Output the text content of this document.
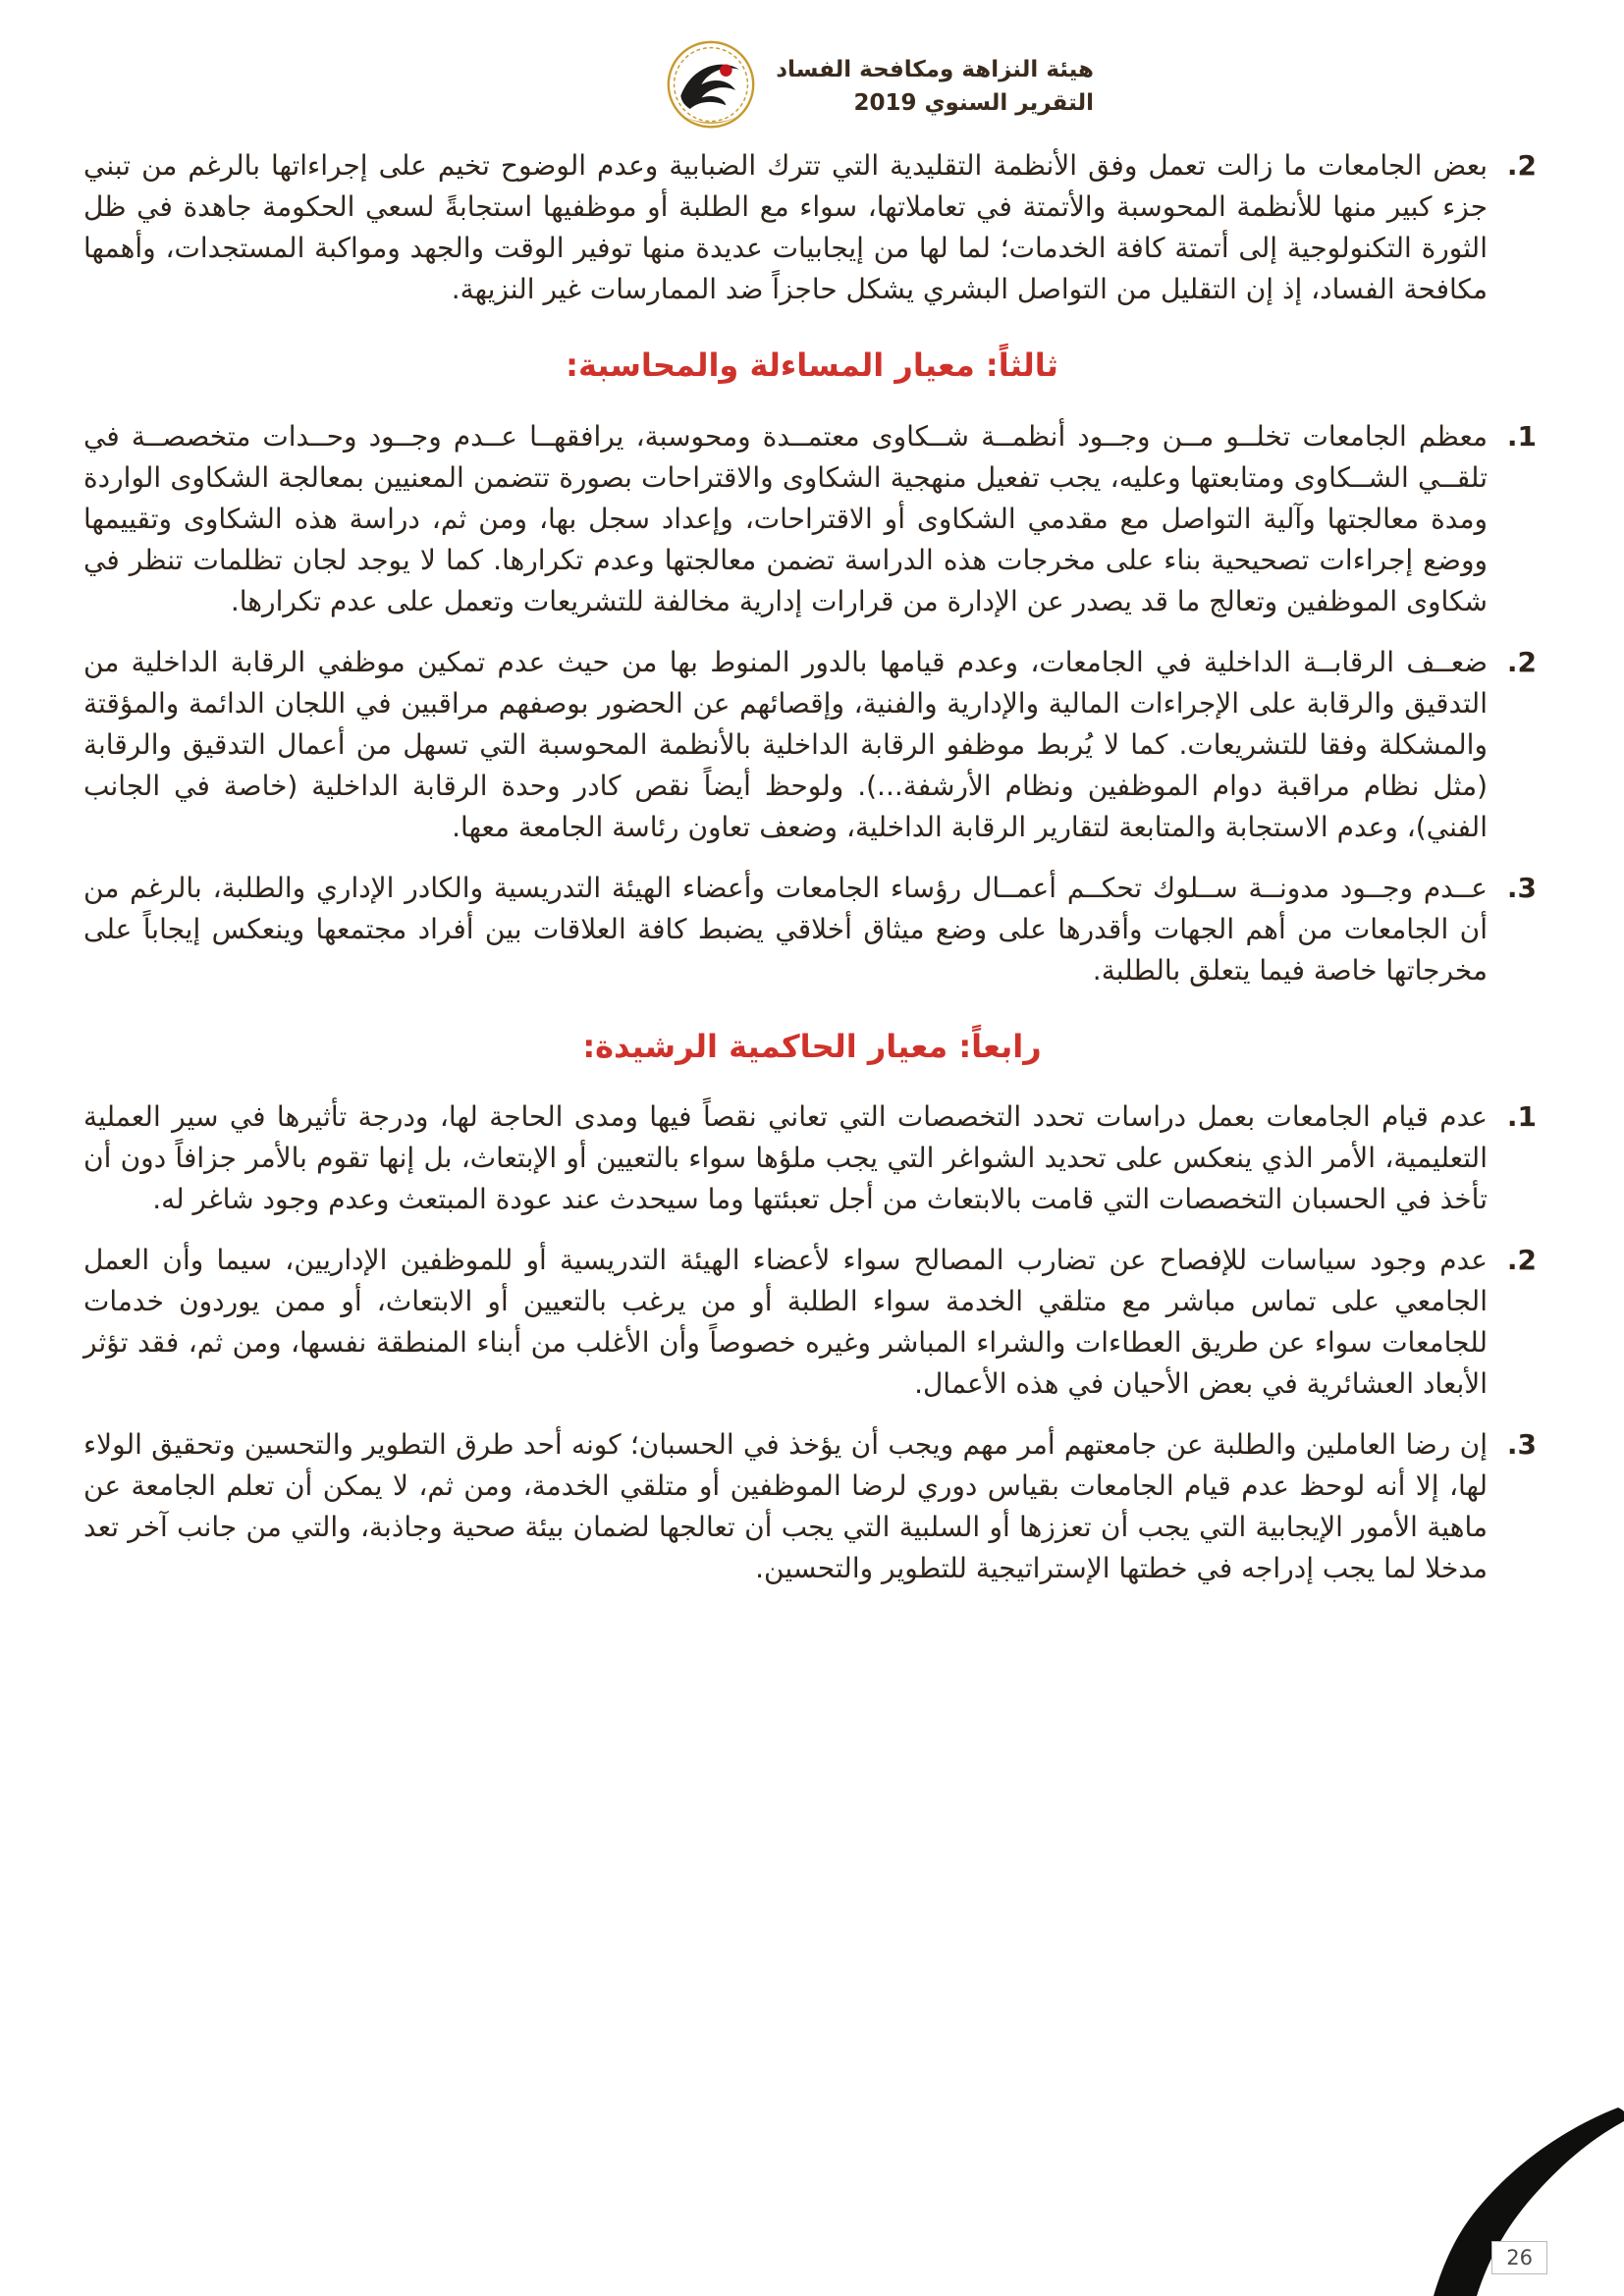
هيئة النزاهة ومكافحة الفساد
التقرير السنوي 2019

2.
بعض الجامعات ما زالت تعمل وفق الأنظمة التقليدية التي تترك الضبابية وعدم الوضوح تخيم على إجراءاتها بالرغم من تبني جزء كبير منها للأنظمة المحوسبة والأتمتة في تعاملاتها، سواء مع الطلبة أو موظفيها استجابةً لسعي الحكومة جاهدة في ظل الثورة التكنولوجية إلى أتمتة كافة الخدمات؛ لما لها من إيجابيات عديدة منها توفير الوقت والجهد ومواكبة المستجدات، وأهمها مكافحة الفساد، إذ إن التقليل من التواصل البشري يشكل حاجزاً ضد الممارسات غير النزيهة.

ثالثاً: معيار المساءلة والمحاسبة:

1.
معظم الجامعات تخلــو مــن وجــود أنظمــة شــكاوى معتمــدة ومحوسبة، يرافقهــا عــدم وجــود وحــدات متخصصــة في تلقــي الشــكاوى ومتابعتها وعليه، يجب تفعيل منهجية الشكاوى والاقتراحات بصورة تتضمن المعنيين بمعالجة الشكاوى الواردة ومدة معالجتها وآلية التواصل مع مقدمي الشكاوى أو الاقتراحات، وإعداد سجل بها، ومن ثم، دراسة هذه الشكاوى وتقييمها ووضع إجراءات تصحيحية بناء على مخرجات هذه الدراسة تضمن معالجتها وعدم تكرارها. كما لا يوجد لجان تظلمات تنظر في شكاوى الموظفين وتعالج ما قد يصدر عن الإدارة من قرارات إدارية مخالفة للتشريعات وتعمل على عدم تكرارها.

2.
ضعــف الرقابــة الداخلية في الجامعات، وعدم قيامها بالدور المنوط بها من حيث عدم تمكين موظفي الرقابة الداخلية من التدقيق والرقابة على الإجراءات المالية والإدارية والفنية، وإقصائهم عن الحضور بوصفهم مراقبين في اللجان الدائمة والمؤقتة والمشكلة وفقا للتشريعات. كما لا يُربط موظفو الرقابة الداخلية بالأنظمة المحوسبة التي تسهل من أعمال التدقيق والرقابة (مثل نظام مراقبة دوام الموظفين ونظام الأرشفة...). ولوحظ أيضاً نقص كادر وحدة الرقابة الداخلية (خاصة في الجانب الفني)، وعدم الاستجابة والمتابعة لتقارير الرقابة الداخلية، وضعف تعاون رئاسة الجامعة معها.

3.
عــدم وجــود مدونــة ســلوك تحكــم أعمــال رؤساء الجامعات وأعضاء الهيئة التدريسية والكادر الإداري والطلبة، بالرغم من أن الجامعات من أهم الجهات وأقدرها على وضع ميثاق أخلاقي يضبط كافة العلاقات بين أفراد مجتمعها وينعكس إيجاباً على مخرجاتها خاصة فيما يتعلق بالطلبة.

رابعاً: معيار الحاكمية الرشيدة:

1.
عدم قيام الجامعات بعمل دراسات تحدد التخصصات التي تعاني نقصاً فيها ومدى الحاجة لها، ودرجة تأثيرها في سير العملية التعليمية، الأمر الذي ينعكس على تحديد الشواغر التي يجب ملؤها سواء بالتعيين أو الإبتعاث، بل إنها تقوم بالأمر جزافاً دون أن تأخذ في الحسبان التخصصات التي قامت بالابتعاث من أجل تعبئتها وما سيحدث عند عودة المبتعث وعدم وجود شاغر له.

2.
عدم وجود سياسات للإفصاح عن تضارب المصالح سواء لأعضاء الهيئة التدريسية أو للموظفين الإداريين، سيما وأن العمل الجامعي على تماس مباشر مع متلقي الخدمة سواء الطلبة أو من يرغب بالتعيين أو الابتعاث، أو ممن يوردون خدمات للجامعات سواء عن طريق العطاءات والشراء المباشر وغيره خصوصاً وأن الأغلب من أبناء المنطقة نفسها، ومن ثم، فقد تؤثر الأبعاد العشائرية في بعض الأحيان في هذه الأعمال.

3.
إن رضا العاملين والطلبة عن جامعتهم أمر مهم ويجب أن يؤخذ في الحسبان؛ كونه أحد طرق التطوير والتحسين وتحقيق الولاء لها، إلا أنه لوحظ عدم قيام الجامعات بقياس دوري لرضا الموظفين أو متلقي الخدمة، ومن ثم، لا يمكن أن تعلم الجامعة عن ماهية الأمور الإيجابية التي يجب أن تعززها أو السلبية التي يجب أن تعالجها لضمان بيئة صحية وجاذبة، والتي من جانب آخر تعد مدخلا لما يجب إدراجه في خطتها الإستراتيجية للتطوير والتحسين.

26
